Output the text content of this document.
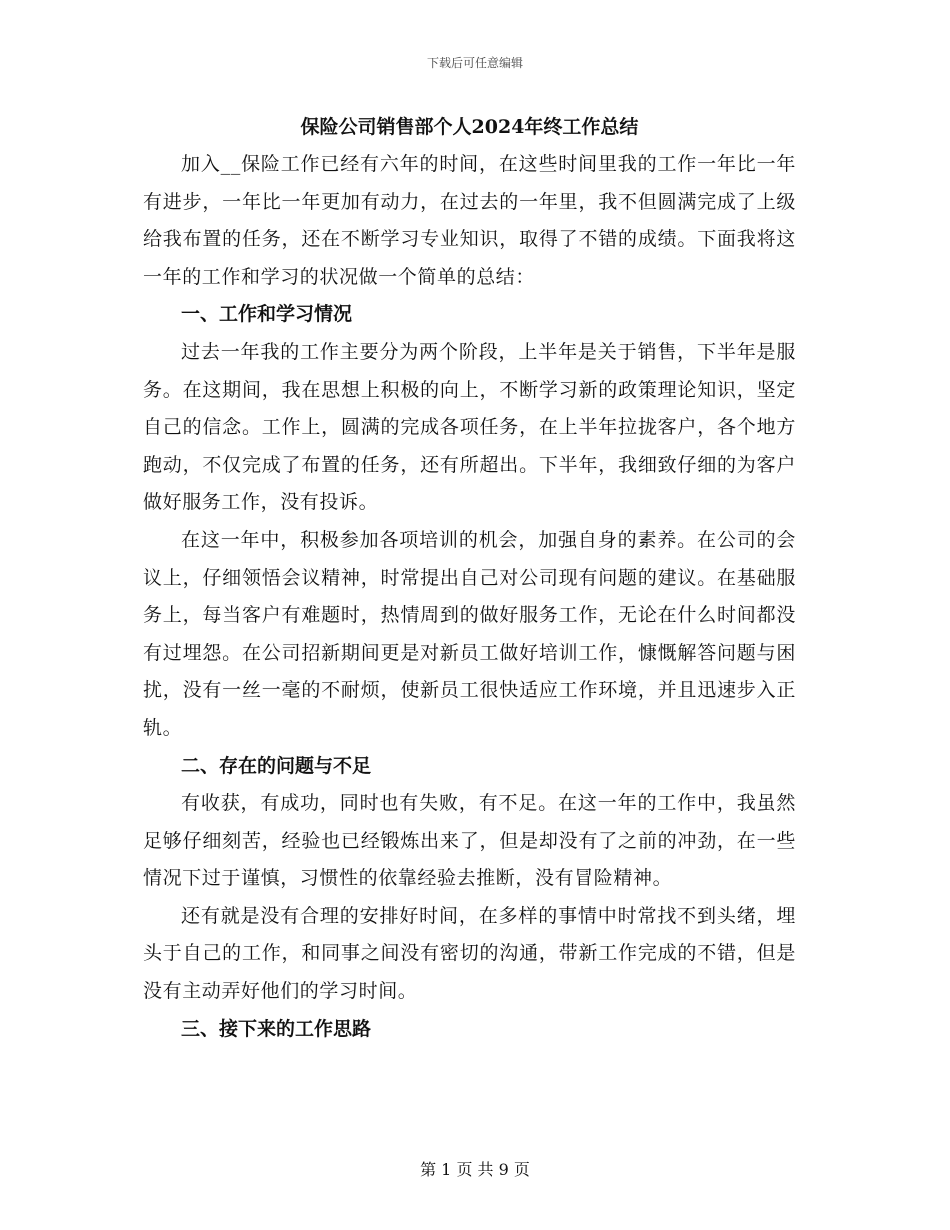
下载后可任意编辑
保险公司销售部个人2024年终工作总结

加入__保险工作已经有六年的时间，在这些时间里我的工作一年比一年有进步，一年比一年更加有动力，在过去的一年里，我不但圆满完成了上级给我布置的任务，还在不断学习专业知识，取得了不错的成绩。下面我将这一年的工作和学习的状况做一个简单的总结：

一、工作和学习情况

过去一年我的工作主要分为两个阶段，上半年是关于销售，下半年是服务。在这期间，我在思想上积极的向上，不断学习新的政策理论知识，坚定自己的信念。工作上，圆满的完成各项任务，在上半年拉拢客户，各个地方跑动，不仅完成了布置的任务，还有所超出。下半年，我细致仔细的为客户做好服务工作，没有投诉。

在这一年中，积极参加各项培训的机会，加强自身的素养。在公司的会议上，仔细领悟会议精神，时常提出自己对公司现有问题的建议。在基础服务上，每当客户有难题时，热情周到的做好服务工作，无论在什么时间都没有过埋怨。在公司招新期间更是对新员工做好培训工作，慷慨解答问题与困扰，没有一丝一毫的不耐烦，使新员工很快适应工作环境，并且迅速步入正轨。

二、存在的问题与不足

有收获，有成功，同时也有失败，有不足。在这一年的工作中，我虽然足够仔细刻苦，经验也已经锻炼出来了，但是却没有了之前的冲劲，在一些情况下过于谨慎，习惯性的依靠经验去推断，没有冒险精神。

还有就是没有合理的安排好时间，在多样的事情中时常找不到头绪，埋头于自己的工作，和同事之间没有密切的沟通，带新工作完成的不错，但是没有主动弄好他们的学习时间。

三、接下来的工作思路
第 1 页 共 9 页
